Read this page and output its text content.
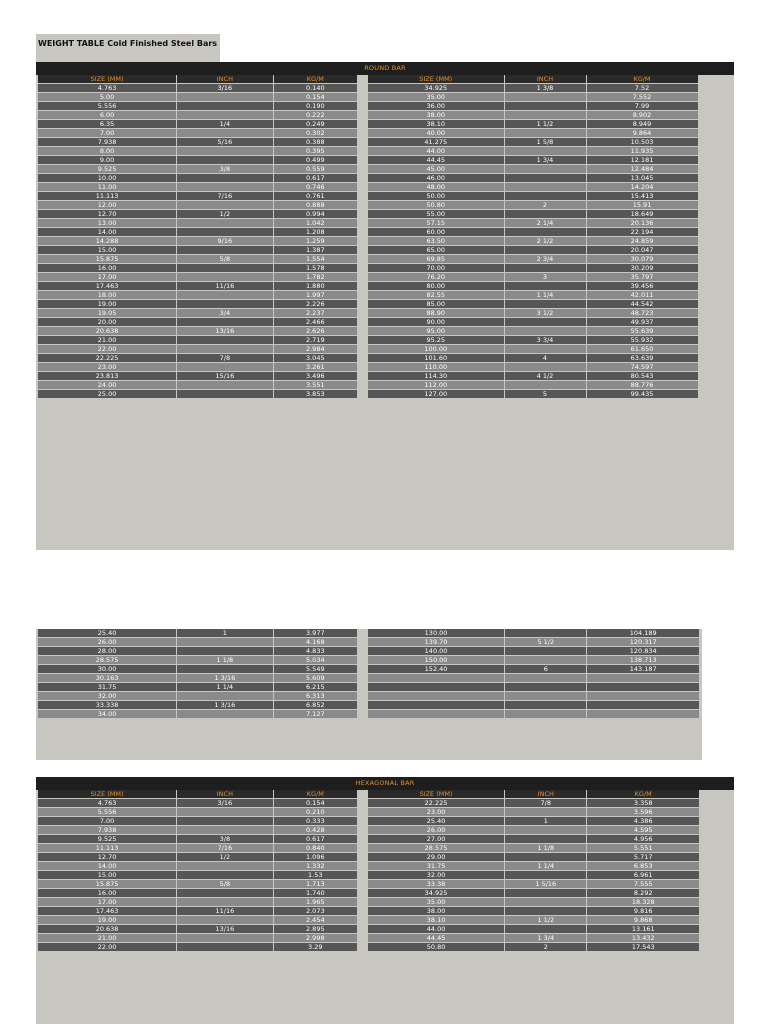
WEIGHT TABLE Cold Finished Steel Bars
ROUND BAR
SIZE (MM)	INCH	KG/M
4.763	3/16	0.140
5.00		0.154
5.556		0.190
6.00		0.222
6.35	1/4	0.249
7.00		0.302
7.938	5/16	0.388
8.00		0.395
9.00		0.499
9.525	3/8	0.559
10.00		0.617
11.00		0.746
11.113	7/16	0.761
12.00		0.888
12.70	1/2	0.994
13.00		1.042
14.00		1.208
14.288	9/16	1.259
15.00		1.387
15.875	5/8	1.554
16.00		1.578
17.00		1.782
17.463	11/16	1.880
18.00		1.997
19.00		2.226
19.05	3/4	2.237
20.00		2.466
20.638	13/16	2.626
21.00		2.719
22.00		2.984
22.225	7/8	3.045
23.00		3.261
23.813	15/16	3.496
24.00		3.551
25.00		3.853
SIZE (MM)	INCH	KG/M	
34.925	1 3/8	7.52	
35.00		7.552	
36.00		7.99	
38.00		8.902	
38.10	1 1/2	8.949	
40.00		9.864	
41.275	1 5/8	10.503	
44.00		11.935	
44.45	1 3/4	12.181	
45.00		12.484	
46.00		13.045	
48.00		14.204	
50.00		15.413	
50.80	2	15.91	
55.00		18.649	
57.15	2 1/4	20.136	
60.00		22.194	
63.50	2 1/2	24.859	
65.00		20.047	
69.85	2 3/4	30.079	
70.00		30.209	
76.20	3	35.797	
80.00		39.456	
82.55	1 1/4	42.011	
85.00		44.542	
88.90	3 1/2	48.723	
90.00		49.937	
95.00		55.639	
95.25	3 3/4	55.932	
100.00		61.650	
101.60	4	63.639	
110.00		74.597	
114.30	4 1/2	80.543	
112.00		88.776	
127.00	5	99.435	
25.40	1	3.977
26.00		4.168
28.00		4.833
28.575	1 1/8	5.034
30.00		5.549
30.163	1 3/16	5.609
31.75	1 1/4	6.215
32.00		6.313
33.338	1 3/16	6.852
34.00		7.127
130.00		104.189
139.70	5 1/2	120.317
140.00		120.834
150.00		138.713
152.40	6	143.187

HEXAGONAL BAR
SIZE (MM)	INCH	KG/M
4.763	3/16	0.154
5.556		0.210
7.00		0.333
7.938		0.428
9.525	3/8	0.617
11.113	7/16	0.840
12.70	1/2	1.096
14.00		1.332
15.00		1.53
15.875	5/8	1.713
16.00		1.740
17.00		1.965
17.463	11/16	2.073
19.00		2.454
20.638	13/16	2.895
21.00		2.998
22.00		3.29
SIZE (MM)	INCH	KG/M
22.225	7/8	3.358
23.00		3.596
25.40	1	4.386
26.00		4.595
27.00		4.956
28.575	1 1/8	5.551
29.00		5.717
31.75	1 1/4	6.853
32.00		6.961
33.38	1 5/16	7.555
34.925		8.292
35.00		18.328
38.00		9.816
38.10	1 1/2	9.868
44.00		13.161
44.45	1 3/4	13.432
50.80	2	17.543
